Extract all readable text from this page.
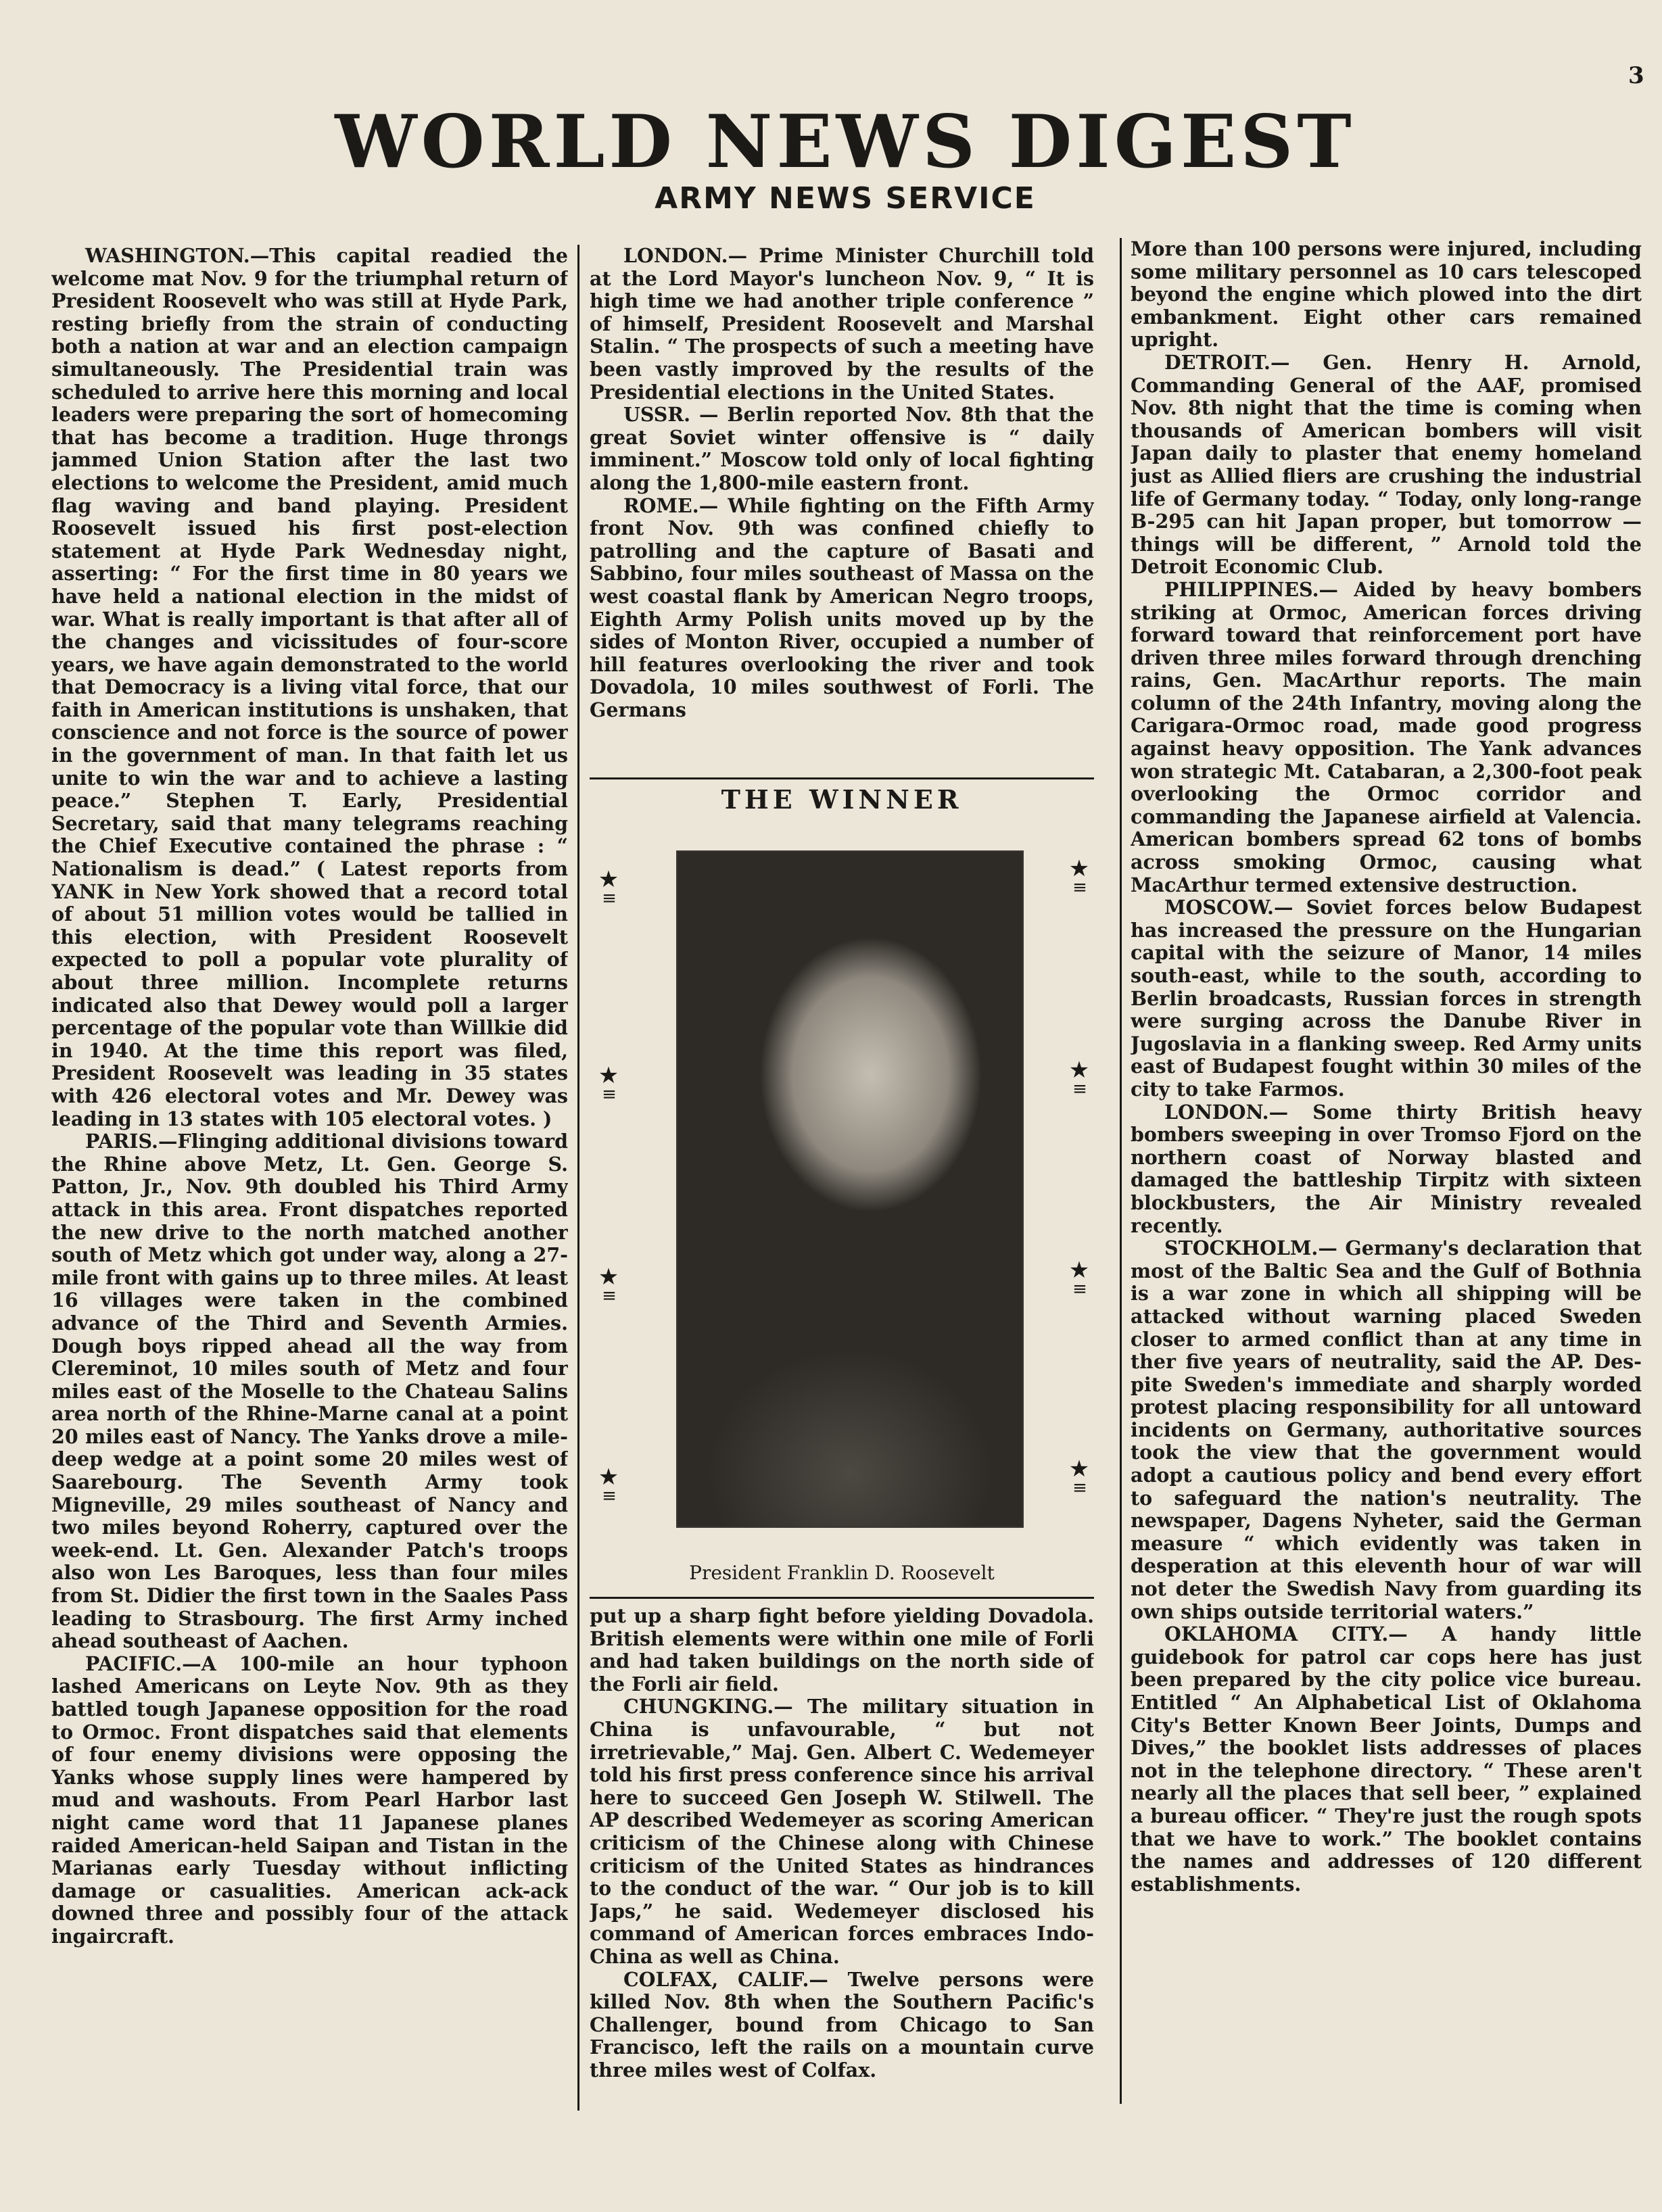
3
WORLD NEWS DIGEST
ARMY NEWS SERVICE

WASHINGTON.—This capital readied the welcome mat Nov. 9 for the triumphal return of President Roosevelt who was still at Hyde Park, resting briefly from the strain of conducting both a nation at war and an election campaign simultaneously. The Presidential train was scheduled to arrive here this morning and local leaders were preparing the sort of homecoming that has become a tradition. Huge throngs jammed Union Station after the last two elections to welcome the President, amid much flag waving and band playing. President Roosevelt issued his first post-election statement at Hyde Park Wednesday night, asserting: “ For the first time in 80 years we have held a national election in the midst of war. What is really important is that after all of the changes and vicissitudes of four-score years, we have again demonstrated to the world that Democracy is a living vital force, that our faith in American institutions is unshaken, that conscience and not force is the source of power in the government of man. In that faith let us unite to win the war and to achieve a lasting peace.” Stephen T. Early, Presidential Secretary, said that many telegrams reaching the Chief Executive contained the phrase : “ Nationalism is dead.” ( Latest reports from YANK in New York showed that a record total of about 51 million votes would be tallied in this election, with President Roosevelt expected to poll a popular vote plurality of about three million. Incomplete returns indicated also that Dewey would poll a larger percentage of the popular vote than Willkie did in 1940. At the time this report was filed, President Roosevelt was leading in 35 states with 426 electoral votes and Mr. Dewey was leading in 13 states with 105 electoral votes. )

PARIS.—Flinging additional divisions toward the Rhine above Metz, Lt. Gen. George S. Patton, Jr., Nov. 9th doubled his Third Army attack in this area. Front dispatches reported the new drive to the north matched another south of Metz which got under way, along a 27-mile front with gains up to three miles. At least 16 villages were taken in the combined advance of the Third and Seventh Armies. Dough boys ripped ahead all the way from Clereminot, 10 miles south of Metz and four miles east of the Moselle to the Chateau Salins area north of the Rhine-Marne canal at a point 20 miles east of Nancy. The Yanks drove a mile-deep wedge at a point some 20 miles west of Saarebourg. The Seventh Army took Migneville, 29 miles southeast of Nancy and two miles beyond Roherry, captured over the week-end. Lt. Gen. Alexander Patch's troops also won Les Baroques, less than four miles from St. Didier the first town in the Saales Pass leading to Strasbourg. The first Army inched ahead southeast of Aachen.

PACIFIC.—A 100-mile an hour typhoon lashed Americans on Leyte Nov. 9th as they battled tough Japanese opposition for the road to Ormoc. Front dispatches said that elements of four enemy divisions were opposing the Yanks whose supply lines were hampered by mud and washouts. From Pearl Harbor last night came word that 11 Japanese planes raided American-held Saipan and Tistan in the Marianas early Tuesday without inflicting damage or casualities. American ack-ack downed three and possibly four of the attack ingaircraft.

LONDON.— Prime Minister Churchill told at the Lord Mayor's luncheon Nov. 9, “ It is high time we had another triple conference ” of himself, President Roosevelt and Marshal Stalin. “ The prospects of such a meeting have been vastly improved by the results of the Presidential elections in the United States.

USSR. — Berlin reported Nov. 8th that the great Soviet winter offensive is “ daily imminent.” Moscow told only of local fighting along the 1,800-mile eastern front.

ROME.— While fighting on the Fifth Army front Nov. 9th was confined chiefly to patrolling and the capture of Basati and Sabbino, four miles southeast of Massa on the west coastal flank by American Negro troops, Eighth Army Polish units moved up by the sides of Monton River, occupied a number of hill features overlooking the river and took Dovadola, 10 miles southwest of Forli. The Germans

THE WINNER
★
≡
★
≡
★
≡
★
≡
★
≡
★
≡
★
≡
★
≡
President Franklin D. Roosevelt

put up a sharp fight before yielding Dovadola. British elements were within one mile of Forli and had taken buildings on the north side of the Forli air field.

CHUNGKING.— The military situation in China is unfavourable, “ but not irretrievable,” Maj. Gen. Albert C. Wedemeyer told his first press conference since his arrival here to succeed Gen Joseph W. Stilwell. The AP described Wedemeyer as scoring American criticism of the Chinese along with Chinese criticism of the United States as hindrances to the conduct of the war. “ Our job is to kill Japs,” he said. Wedemeyer disclosed his command of American forces embraces Indo-China as well as China.

COLFAX, CALIF.— Twelve persons were killed Nov. 8th when the Southern Pacific's Challenger, bound from Chicago to San Francisco, left the rails on a mountain curve three miles west of Colfax.

More than 100 persons were injured, including some military personnel as 10 cars telescoped beyond the engine which plowed into the dirt embankment. Eight other cars remained upright.

DETROIT.— Gen. Henry H. Arnold, Commanding General of the AAF, promised Nov. 8th night that the time is coming when thousands of American bombers will visit Japan daily to plaster that enemy homeland just as Allied fliers are crushing the industrial life of Germany today. “ Today, only long-range B-295 can hit Japan proper, but tomorrow — things will be different, ” Arnold told the Detroit Economic Club.

PHILIPPINES.— Aided by heavy bombers striking at Ormoc, American forces driving forward toward that reinforcement port have driven three miles forward through drenching rains, Gen. MacArthur reports. The main column of the 24th Infantry, moving along the Carigara-Ormoc road, made good progress against heavy opposition. The Yank advances won strategic Mt. Catabaran, a 2,300-foot peak overlooking the Ormoc corridor and commanding the Japanese airfield at Valencia. American bombers spread 62 tons of bombs across smoking Ormoc, causing what MacArthur termed extensive destruction.

MOSCOW.— Soviet forces below Budapest has increased the pressure on the Hungarian capital with the seizure of Manor, 14 miles south-east, while to the south, according to Berlin broadcasts, Russian forces in strength were surging across the Danube River in Jugoslavia in a flanking sweep. Red Army units east of Budapest fought within 30 miles of the city to take Farmos.

LONDON.— Some thirty British heavy bombers sweeping in over Tromso Fjord on the northern coast of Norway blasted and damaged the battleship Tirpitz with sixteen blockbusters, the Air Ministry revealed recently.

STOCKHOLM.— Germany's declaration that most of the Baltic Sea and the Gulf of Bothnia is a war zone in which all shipping will be attacked without warning placed Sweden closer to armed conflict than at any time in ther five years of neutrality, said the AP. Des-pite Sweden's immediate and sharply worded protest placing responsibility for all untoward incidents on Germany, authoritative sources took the view that the government would adopt a cautious policy and bend every effort to safeguard the nation's neutrality. The newspaper, Dagens Nyheter, said the German measure “ which evidently was taken in desperation at this eleventh hour of war will not deter the Swedish Navy from guarding its own ships outside territorial waters.”

OKLAHOMA CITY.— A handy little guidebook for patrol car cops here has just been prepared by the city police vice bureau. Entitled “ An Alphabetical List of Oklahoma City's Better Known Beer Joints, Dumps and Dives,” the booklet lists addresses of places not in the telephone directory. “ These aren't nearly all the places that sell beer, ” explained a bureau officer. “ They're just the rough spots that we have to work.” The booklet contains the names and addresses of 120 different establishments.
